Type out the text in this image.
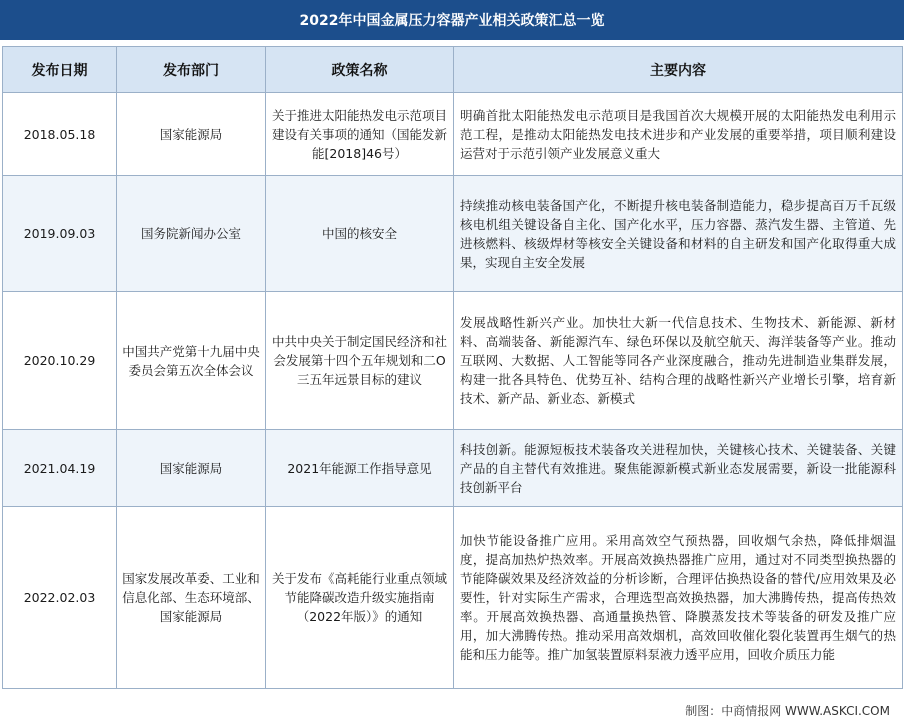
2022年中国金属压力容器产业相关政策汇总一览
发布日期	发布部门	政策名称	主要内容
2018.05.18	国家能源局	关于推进太阳能热发电示范项目建设有关事项的通知（国能发新能[2018]46号）	明确首批太阳能热发电示范项目是我国首次大规模开展的太阳能热发电利用示范工程，是推动太阳能热发电技术进步和产业发展的重要举措，项目顺利建设运营对于示范引领产业发展意义重大
2019.09.03	国务院新闻办公室	中国的核安全	持续推动核电装备国产化，不断提升核电装备制造能力，稳步提高百万千瓦级核电机组关键设备自主化、国产化水平，压力容器、蒸汽发生器、主管道、先进核燃料、核级焊材等核安全关键设备和材料的自主研发和国产化取得重大成果，实现自主安全发展
2020.10.29	中国共产党第十九届中央委员会第五次全体会议	中共中央关于制定国民经济和社会发展第十四个五年规划和二O三五年远景目标的建议	发展战略性新兴产业。加快壮大新一代信息技术、生物技术、新能源、新材料、高端装备、新能源汽车、绿色环保以及航空航天、海洋装备等产业。推动互联网、大数据、人工智能等同各产业深度融合，推动先进制造业集群发展，构建一批各具特色、优势互补、结构合理的战略性新兴产业增长引擎，培育新技术、新产品、新业态、新模式
2021.04.19	国家能源局	2021年能源工作指导意见	科技创新。能源短板技术装备攻关进程加快，关键核心技术、关键装备、关键产品的自主替代有效推进。聚焦能源新模式新业态发展需要，新设一批能源科技创新平台
2022.02.03	国家发展改革委、工业和信息化部、生态环境部、国家能源局	关于发布《高耗能行业重点领域节能降碳改造升级实施指南（2022年版）》的通知	加快节能设备推广应用。采用高效空气预热器，回收烟气余热，降低排烟温度，提高加热炉热效率。开展高效换热器推广应用，通过对不同类型换热器的节能降碳效果及经济效益的分析诊断，合理评估换热设备的替代/应用效果及必要性，针对实际生产需求，合理选型高效换热器，加大沸腾传热，提高传热效率。开展高效换热器、高通量换热管、降膜蒸发技术等装备的研发及推广应用，加大沸腾传热。推动采用高效烟机，高效回收催化裂化装置再生烟气的热能和压力能等。推广加氢装置原料泵液力透平应用，回收介质压力能
制图：中商情报网 WWW.ASKCI.COM
